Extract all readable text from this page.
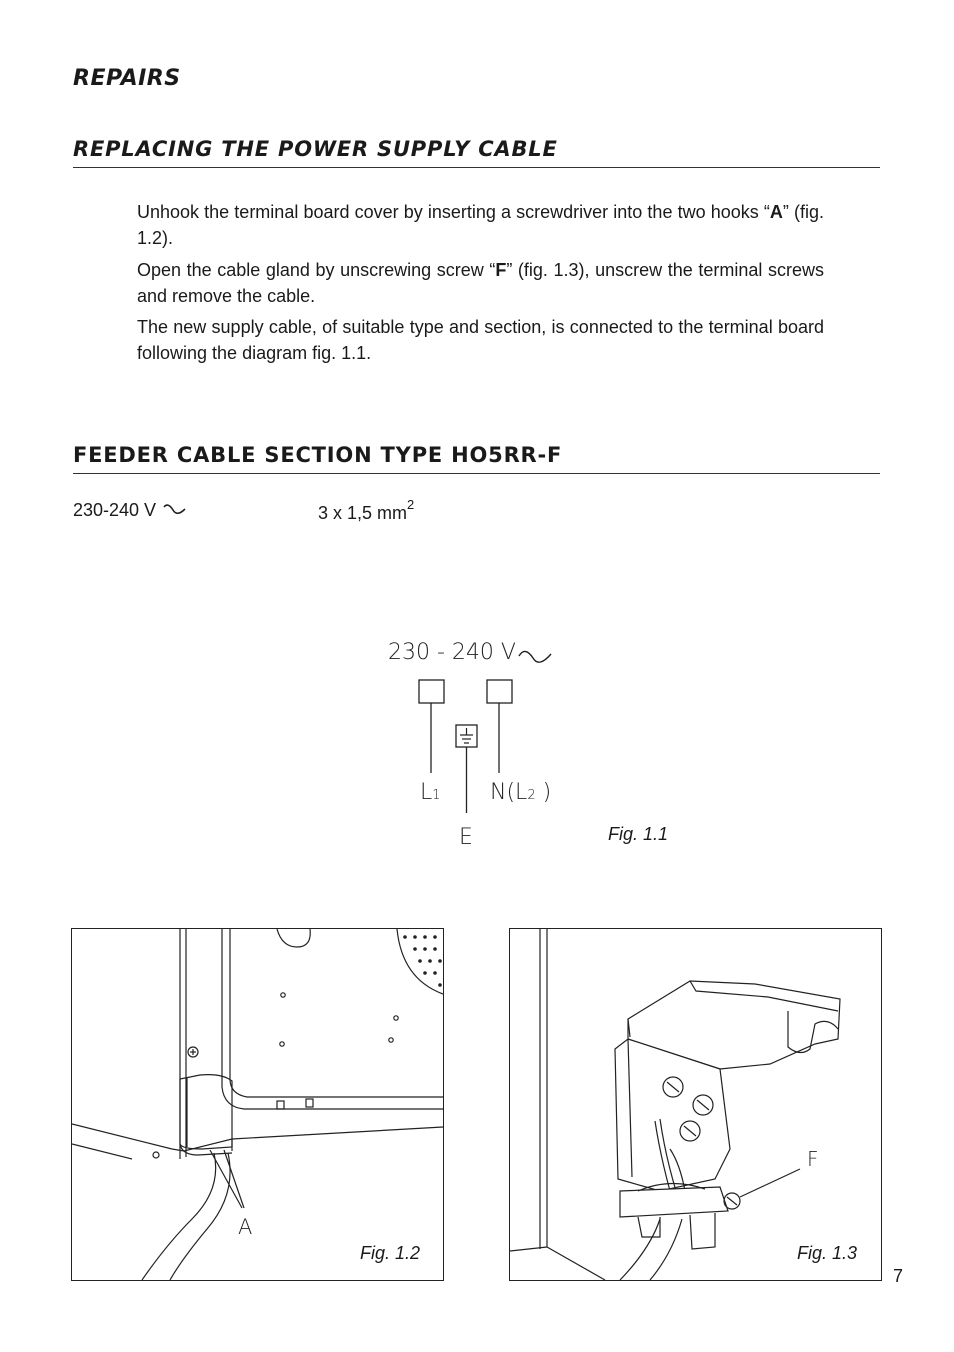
REPAIRS
REPLACING THE POWER SUPPLY CABLE
Unhook the terminal board cover by inserting a screwdriver into the two hooks “A” (fig. 1.2).
Open the cable gland by unscrewing screw “F” (fig. 1.3), unscrew the terminal screws and remove the cable.
The new supply cable, of suitable type and section, is connected to the terminal board following the diagram fig. 1.1.
FEEDER CABLE SECTION TYPE HO5RR-F
230-240 V	3 x 1,5 $mm^2$
230 - 240 V
L1 N(L2 )
E	Fig. 1.1
A
Fig. 1.2
F
Fig. 1.3
7
